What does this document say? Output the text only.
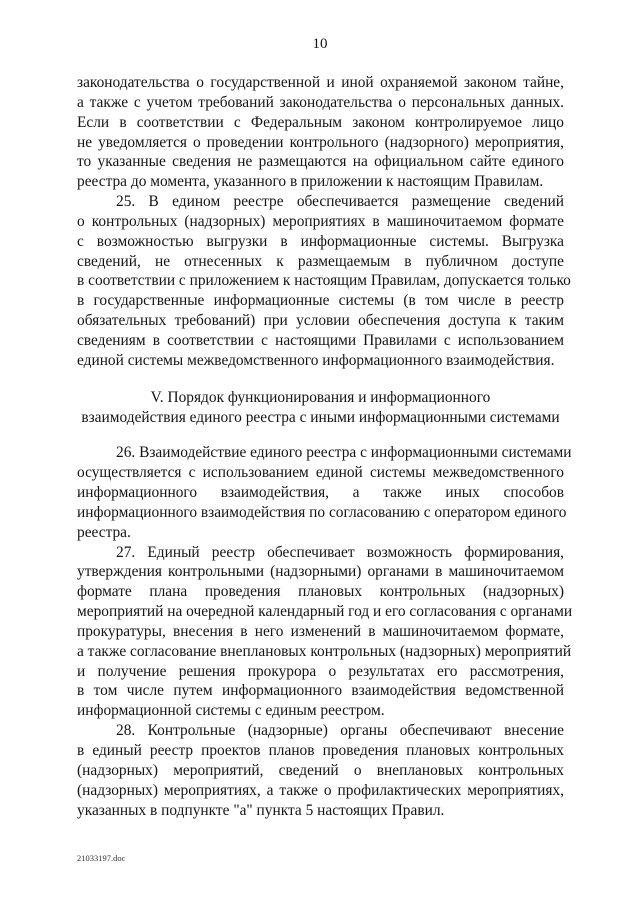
10
законодательства о государственной и иной охраняемой законом тайне,
а также с учетом требований законодательства о персональных данных.
Если в соответствии с Федеральным законом контролируемое лицо
не уведомляется о проведении контрольного (надзорного) мероприятия,
то указанные сведения не размещаются на официальном сайте единого
реестра до момента, указанного в приложении к настоящим Правилам.
25. В едином реестре обеспечивается размещение сведений
о контрольных (надзорных) мероприятиях в машиночитаемом формате
с возможностью выгрузки в информационные системы. Выгрузка
сведений, не отнесенных к размещаемым в публичном доступе
в соответствии с приложением к настоящим Правилам, допускается только
в государственные информационные системы (в том числе в реестр
обязательных требований) при условии обеспечения доступа к таким
сведениям в соответствии с настоящими Правилами с использованием
единой системы межведомственного информационного взаимодействия.
V. Порядок функционирования и информационного
взаимодействия единого реестра с иными информационными системами
26. Взаимодействие единого реестра с информационными системами
осуществляется с использованием единой системы межведомственного
информационного взаимодействия, а также иных способов
информационного взаимодействия по согласованию с оператором единого
реестра.
27. Единый реестр обеспечивает возможность формирования,
утверждения контрольными (надзорными) органами в машиночитаемом
формате плана проведения плановых контрольных (надзорных)
мероприятий на очередной календарный год и его согласования с органами
прокуратуры, внесения в него изменений в машиночитаемом формате,
а также согласование внеплановых контрольных (надзорных) мероприятий
и получение решения прокурора о результатах его рассмотрения,
в том числе путем информационного взаимодействия ведомственной
информационной системы с единым реестром.
28. Контрольные (надзорные) органы обеспечивают внесение
в единый реестр проектов планов проведения плановых контрольных
(надзорных) мероприятий, сведений о внеплановых контрольных
(надзорных) мероприятиях, а также о профилактических мероприятиях,
указанных в подпункте "а" пункта 5 настоящих Правил.
21033197.doc
